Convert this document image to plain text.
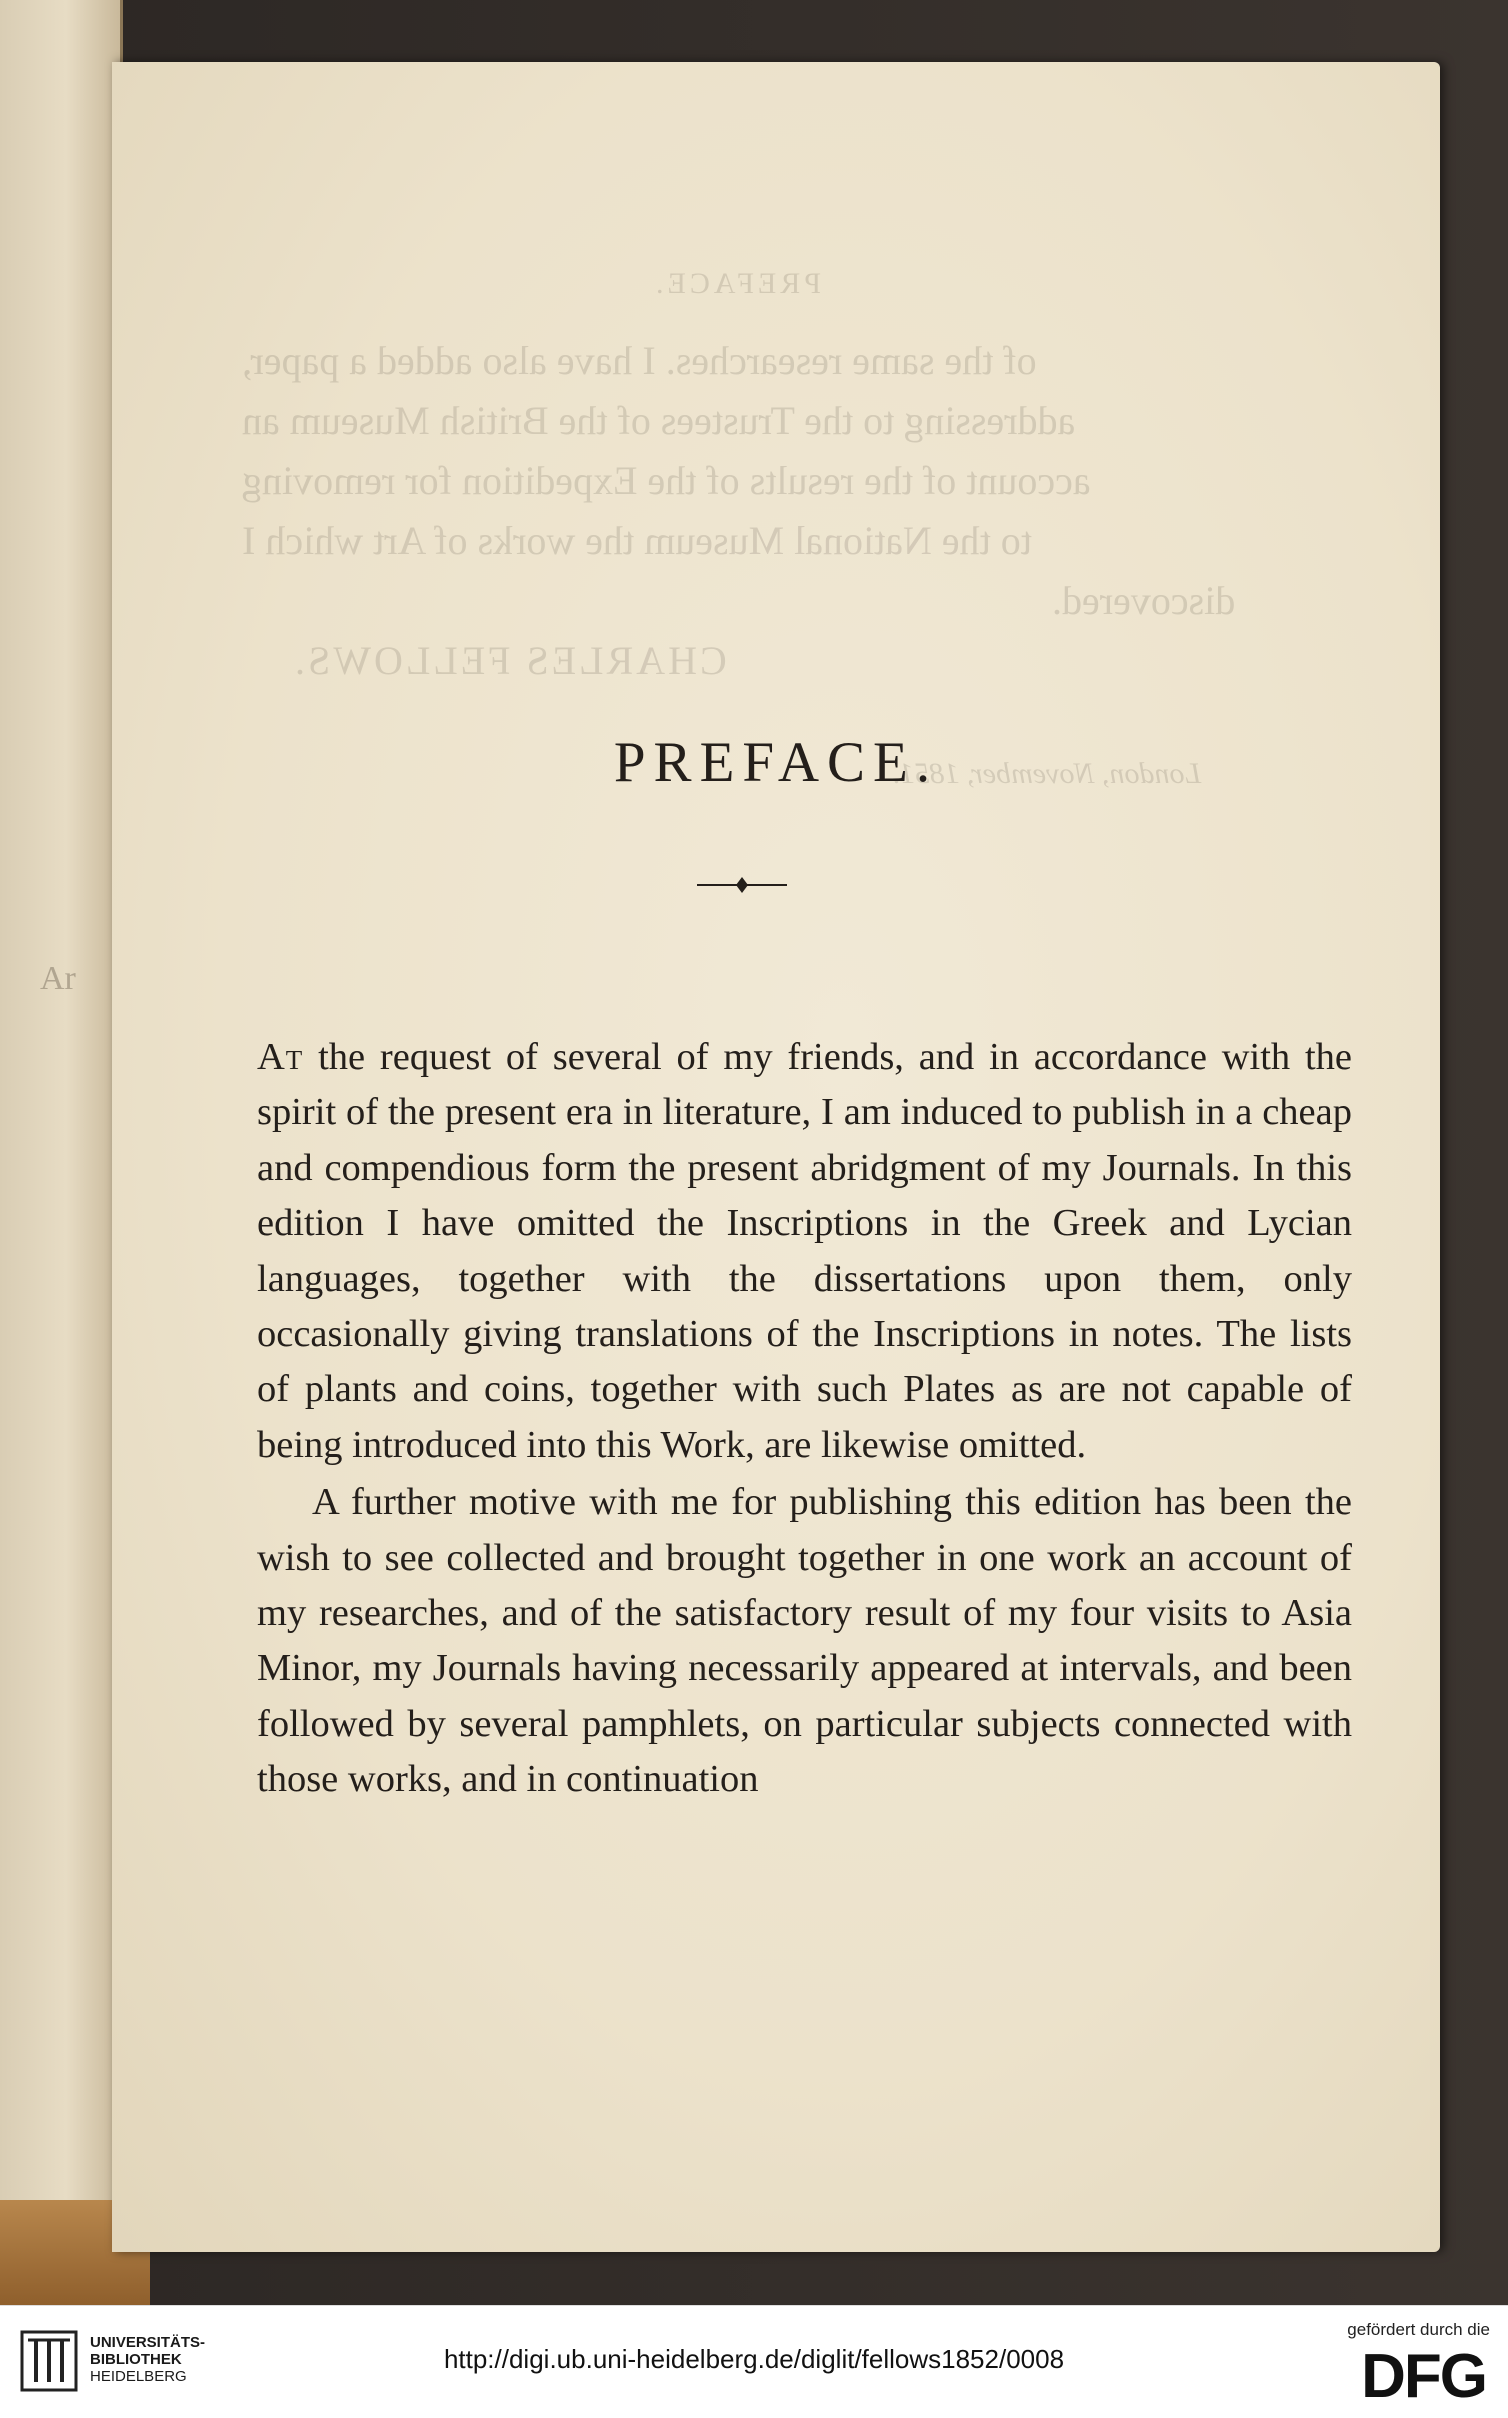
Ar
PREFACE.
of the same researches. I have also added a paper,
addressing to the Trustees of the British Museum an
account of the results of the Expedition for removing
to the National Museum the works of Art which I
discovered.
CHARLES FELLOWS.
London, November, 1851.
PREFACE.

At the request of several of my friends, and in accordance with the spirit of the present era in literature, I am induced to publish in a cheap and compendious form the present abridgment of my Journals. In this edition I have omitted the Inscriptions in the Greek and Lycian languages, together with the dissertations upon them, only occasionally giving translations of the Inscriptions in notes. The lists of plants and coins, together with such Plates as are not capable of being introduced into this Work, are likewise omitted.

A further motive with me for publishing this edition has been the wish to see collected and brought together in one work an account of my researches, and of the satisfactory result of my four visits to Asia Minor, my Journals having necessarily appeared at intervals, and been followed by several pamphlets, on particular subjects connected with those works, and in continuation

UNIVERSITÄTS-
BIBLIOTHEK
HEIDELBERG
http://digi.ub.uni-heidelberg.de/diglit/fellows1852/0008
gefördert durch die
DFG
